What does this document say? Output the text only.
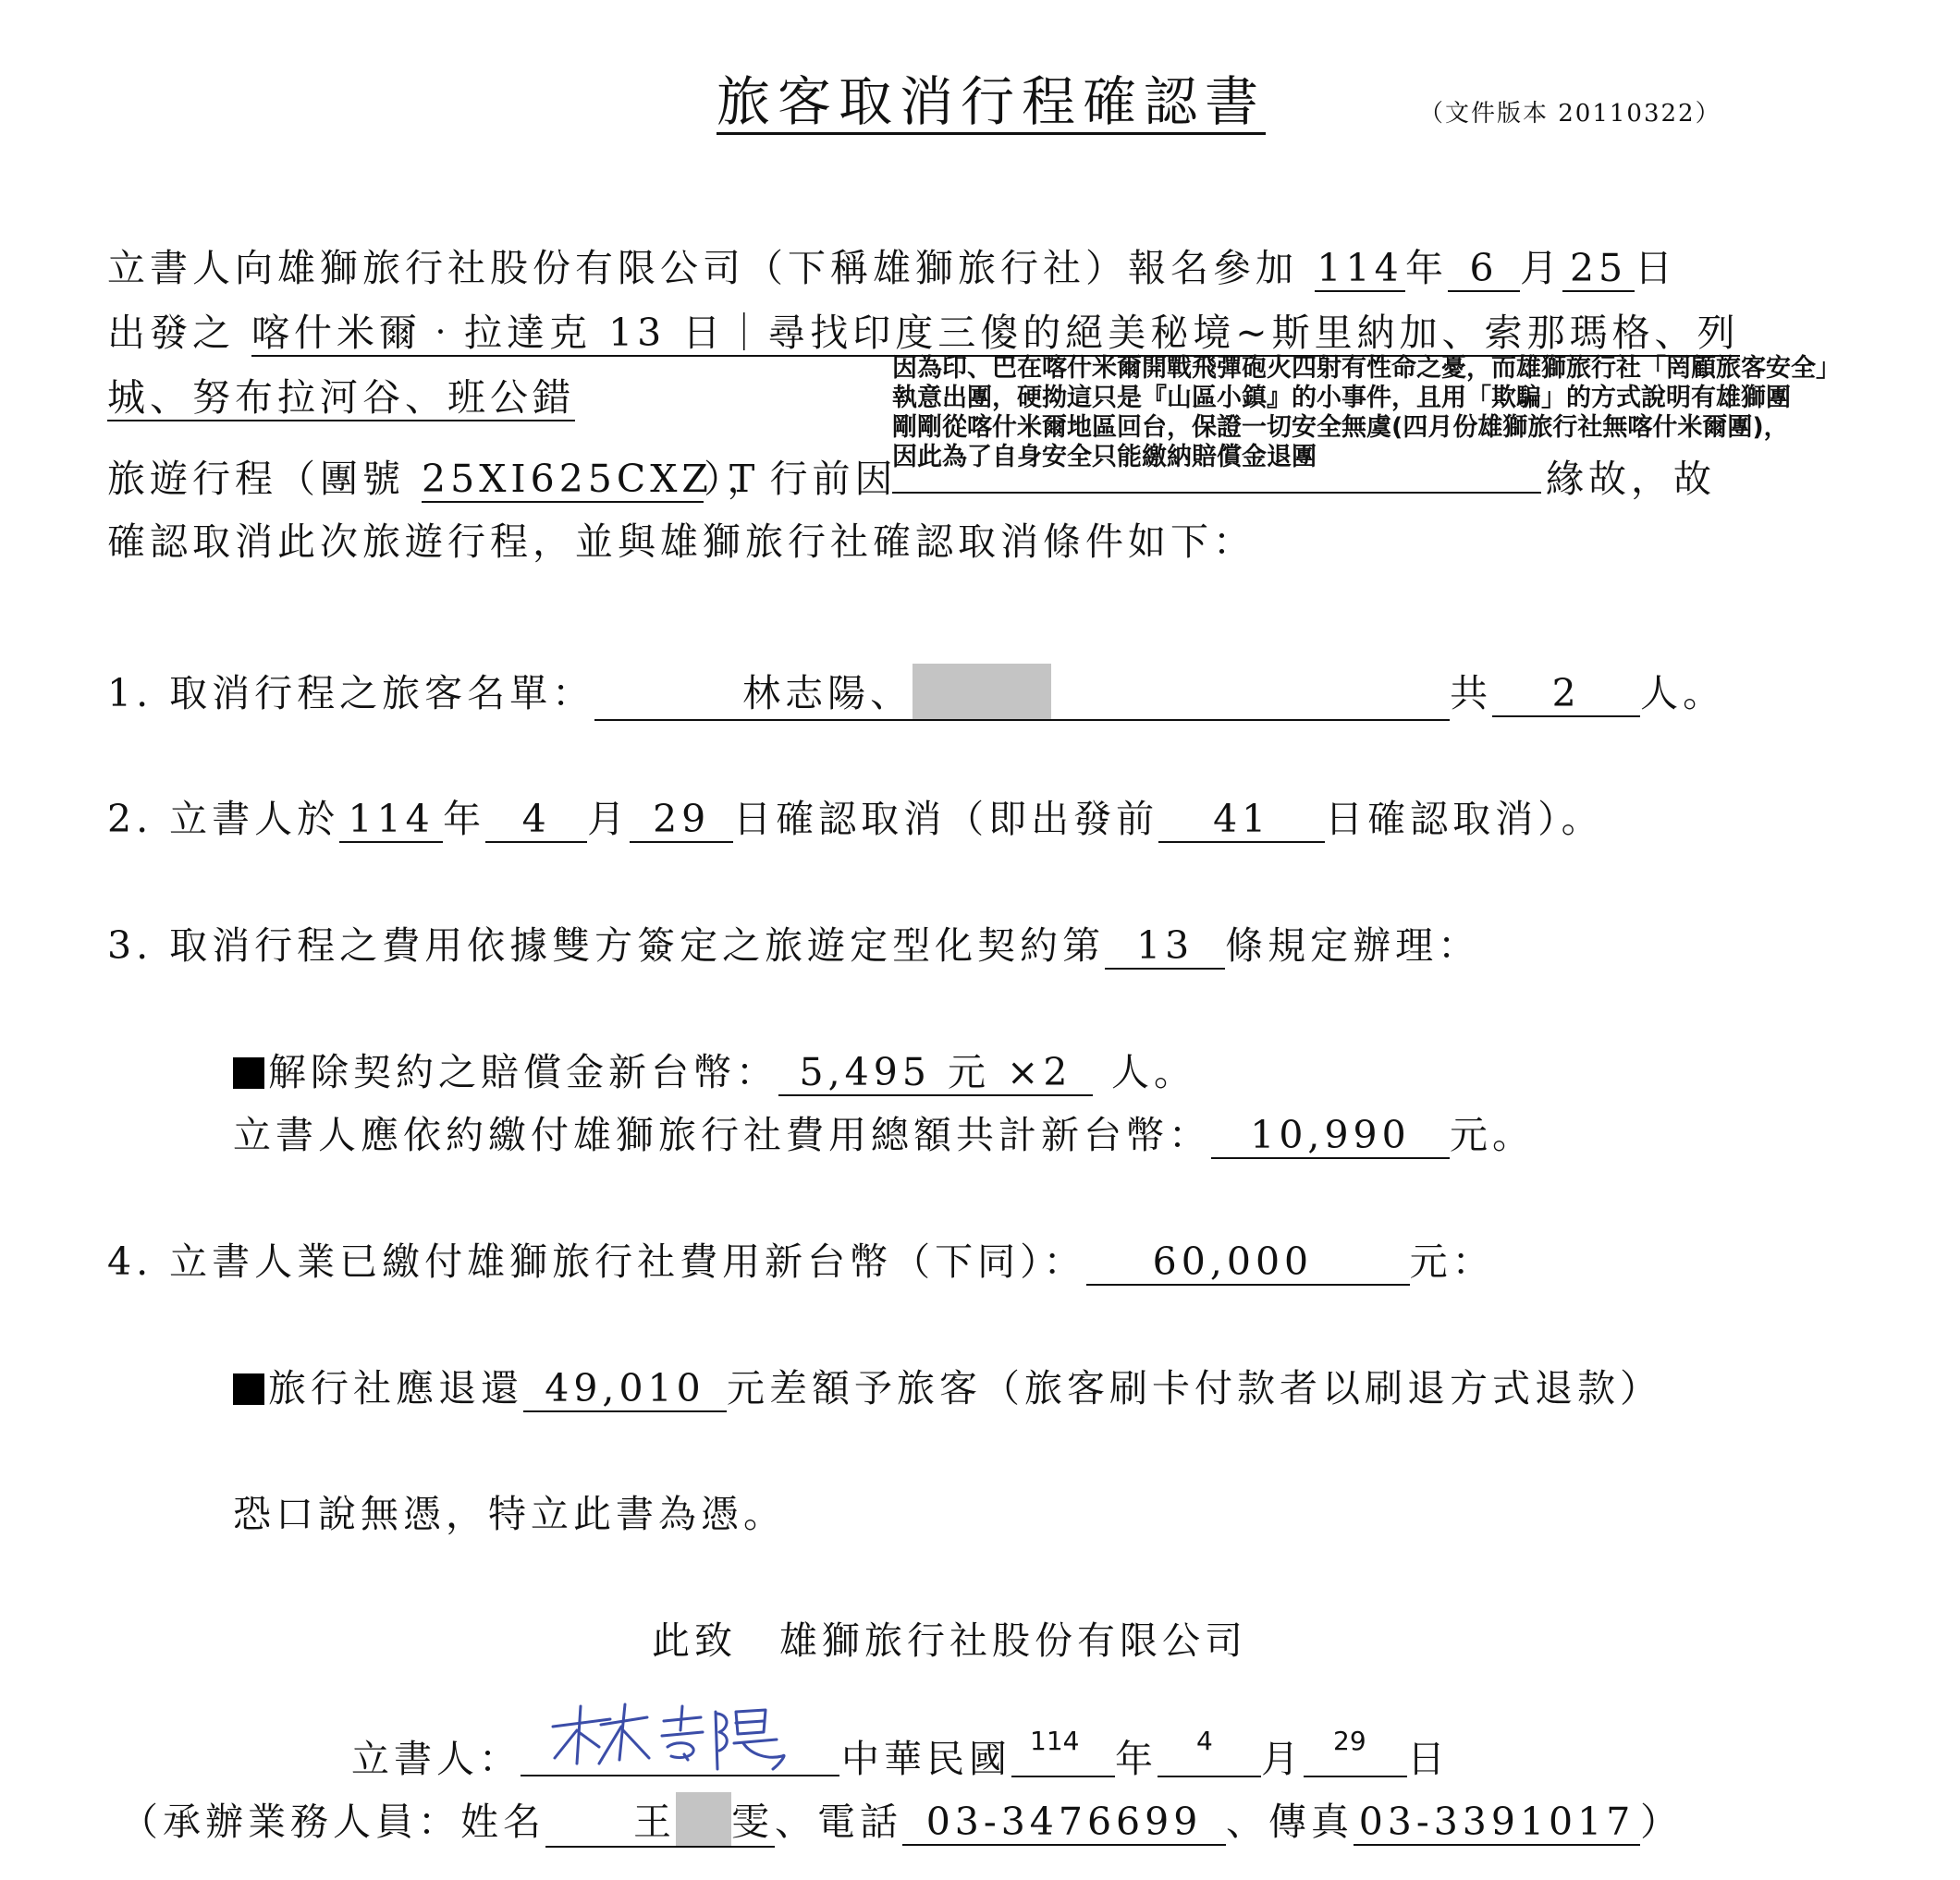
旅客取消行程確認書	（文件版本 20110322）
立書人向雄獅旅行社股份有限公司（下稱雄獅旅行社）報名參加 114年 6 月 25 日
出發之 喀什米爾‧拉達克 13 日｜尋找印度三傻的絕美秘境~斯里納加、索那瑪格、列
城、努布拉河谷、班公錯
因為印、巴在喀什米爾開戰飛彈砲火四射有性命之憂，而雄獅旅行社「罔顧旅客安全」
執意出團，硬拗這只是『山區小鎮』的小事件，且用「欺騙」的方式說明有雄獅團
剛剛從喀什米爾地區回台，保證一切安全無虞(四月份雄獅旅行社無喀什米爾團)，
因此為了自身安全只能繳納賠償金退團
旅遊行程（團號 25XI625CXZ T），行前因	緣故，故
確認取消此次旅遊行程，並與雄獅旅行社確認取消條件如下：
1. 取消行程之旅客名單：	林志陽、	共 2 人。
2. 立書人於 114 年 4 月 29 日確認取消（即出發前 41 日確認取消）。
3. 取消行程之費用依據雙方簽定之旅遊定型化契約第 13 條規定辦理：
解除契約之賠償金新台幣： 5,495 元 ×2 人。
立書人應依約繳付雄獅旅行社費用總額共計新台幣： 10,990 元。
4. 立書人業已繳付雄獅旅行社費用新台幣（下同）： 60,000	元：
旅行社應退還 49,010 元差額予旅客（旅客刷卡付款者以刷退方式退款）
恐口說無憑，特立此書為憑。
此致　雄獅旅行社股份有限公司
立書人：	中華民國 114 年 4 月 29 日
（承辦業務人員：姓名 王 雯、電話 03-3476699 、傳真 03-3391017 ）
